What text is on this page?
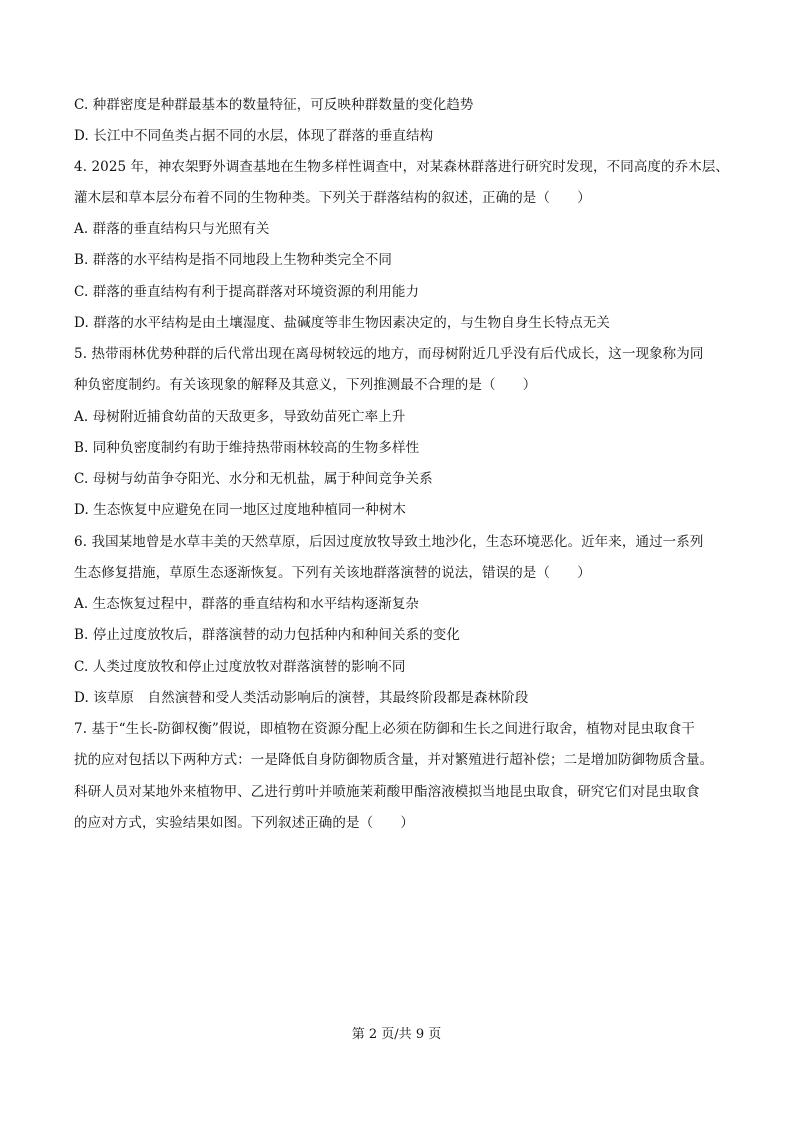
C. 种群密度是种群最基本的数量特征，可反映种群数量的变化趋势
D. 长江中不同鱼类占据不同的水层，体现了群落的垂直结构
4. 2025 年，神农架野外调查基地在生物多样性调查中，对某森林群落进行研究时发现，不同高度的乔木层、
灌木层和草本层分布着不同的生物种类。下列关于群落结构的叙述，正确的是（　　）
A. 群落的垂直结构只与光照有关
B. 群落的水平结构是指不同地段上生物种类完全不同
C. 群落的垂直结构有利于提高群落对环境资源的利用能力
D. 群落的水平结构是由土壤湿度、盐碱度等非生物因素决定的，与生物自身生长特点无关
5. 热带雨林优势种群的后代常出现在离母树较远的地方，而母树附近几乎没有后代成长，这一现象称为同
种负密度制约。有关该现象的解释及其意义，下列推测最不合理的是（　　）
A. 母树附近捕食幼苗的天敌更多，导致幼苗死亡率上升
B. 同种负密度制约有助于维持热带雨林较高的生物多样性
C. 母树与幼苗争夺阳光、水分和无机盐，属于种间竞争关系
D. 生态恢复中应避免在同一地区过度地种植同一种树木
6. 我国某地曾是水草丰美的天然草原，后因过度放牧导致土地沙化，生态环境恶化。近年来，通过一系列
生态修复措施，草原生态逐渐恢复。下列有关该地群落演替的说法，错误的是（　　）
A. 生态恢复过程中，群落的垂直结构和水平结构逐渐复杂
B. 停止过度放牧后，群落演替的动力包括种内和种间关系的变化
C. 人类过度放牧和停止过度放牧对群落演替的影响不同
D. 该草原　自然演替和受人类活动影响后的演替，其最终阶段都是森林阶段
7. 基于“生长-防御权衡”假说，即植物在资源分配上必须在防御和生长之间进行取舍，植物对昆虫取食干
扰的应对包括以下两种方式：一是降低自身防御物质含量，并对繁殖进行超补偿；二是增加防御物质含量。
科研人员对某地外来植物甲、乙进行剪叶并喷施茉莉酸甲酯溶液模拟当地昆虫取食，研究它们对昆虫取食
的应对方式，实验结果如图。下列叙述正确的是（　　）
第 2 页/共 9 页
